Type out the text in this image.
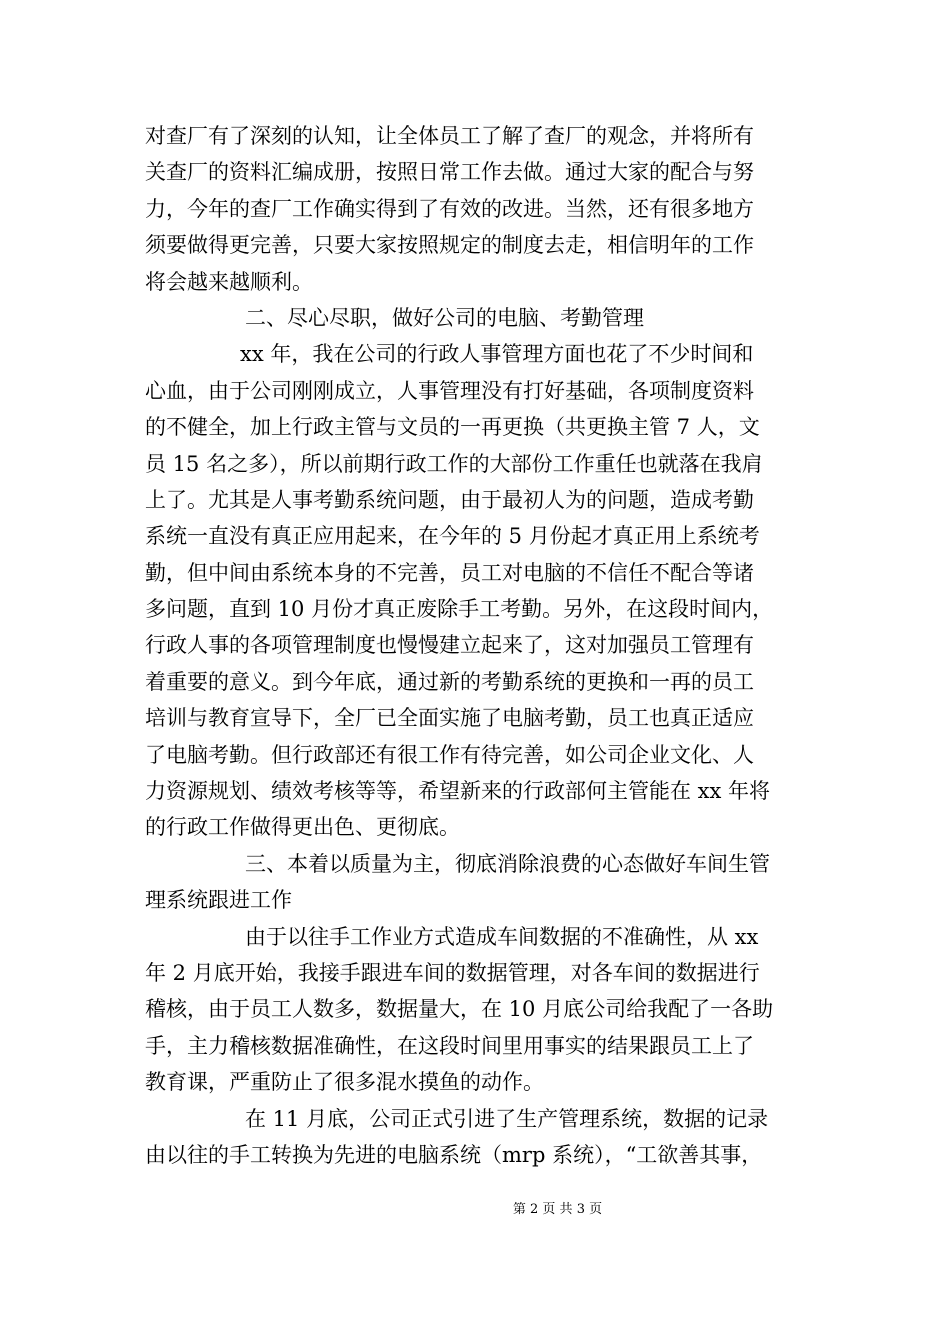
对查厂有了深刻的认知，让全体员工了解了查厂的观念，并将所有
关查厂的资料汇编成册，按照日常工作去做。通过大家的配合与努
力，今年的查厂工作确实得到了有效的改进。当然，还有很多地方
须要做得更完善，只要大家按照规定的制度去走，相信明年的工作
将会越来越顺利。
二、尽心尽职，做好公司的电脑、考勤管理
xx 年，我在公司的行政人事管理方面也花了不少时间和
心血，由于公司刚刚成立，人事管理没有打好基础，各项制度资料
的不健全，加上行政主管与文员的一再更换（共更换主管 7 人，文
员 15 名之多），所以前期行政工作的大部份工作重任也就落在我肩
上了。尤其是人事考勤系统问题，由于最初人为的问题，造成考勤
系统一直没有真正应用起来，在今年的 5 月份起才真正用上系统考
勤，但中间由系统本身的不完善，员工对电脑的不信任不配合等诸
多问题，直到 10 月份才真正废除手工考勤。另外，在这段时间内，
行政人事的各项管理制度也慢慢建立起来了，这对加强员工管理有
着重要的意义。到今年底，通过新的考勤系统的更换和一再的员工
培训与教育宣导下，全厂已全面实施了电脑考勤，员工也真正适应
了电脑考勤。但行政部还有很工作有待完善，如公司企业文化、人
力资源规划、绩效考核等等，希望新来的行政部何主管能在 xx 年将
的行政工作做得更出色、更彻底。
三、本着以质量为主，彻底消除浪费的心态做好车间生管
理系统跟进工作
由于以往手工作业方式造成车间数据的不准确性，从 xx
年 2 月底开始，我接手跟进车间的数据管理，对各车间的数据进行
稽核，由于员工人数多，数据量大，在 10 月底公司给我配了一各助
手，主力稽核数据准确性，在这段时间里用事实的结果跟员工上了
教育课，严重防止了很多混水摸鱼的动作。
在 11 月底，公司正式引进了生产管理系统，数据的记录
由以往的手工转换为先进的电脑系统（mrp 系统），“工欲善其事，
第 2 页 共 3 页
